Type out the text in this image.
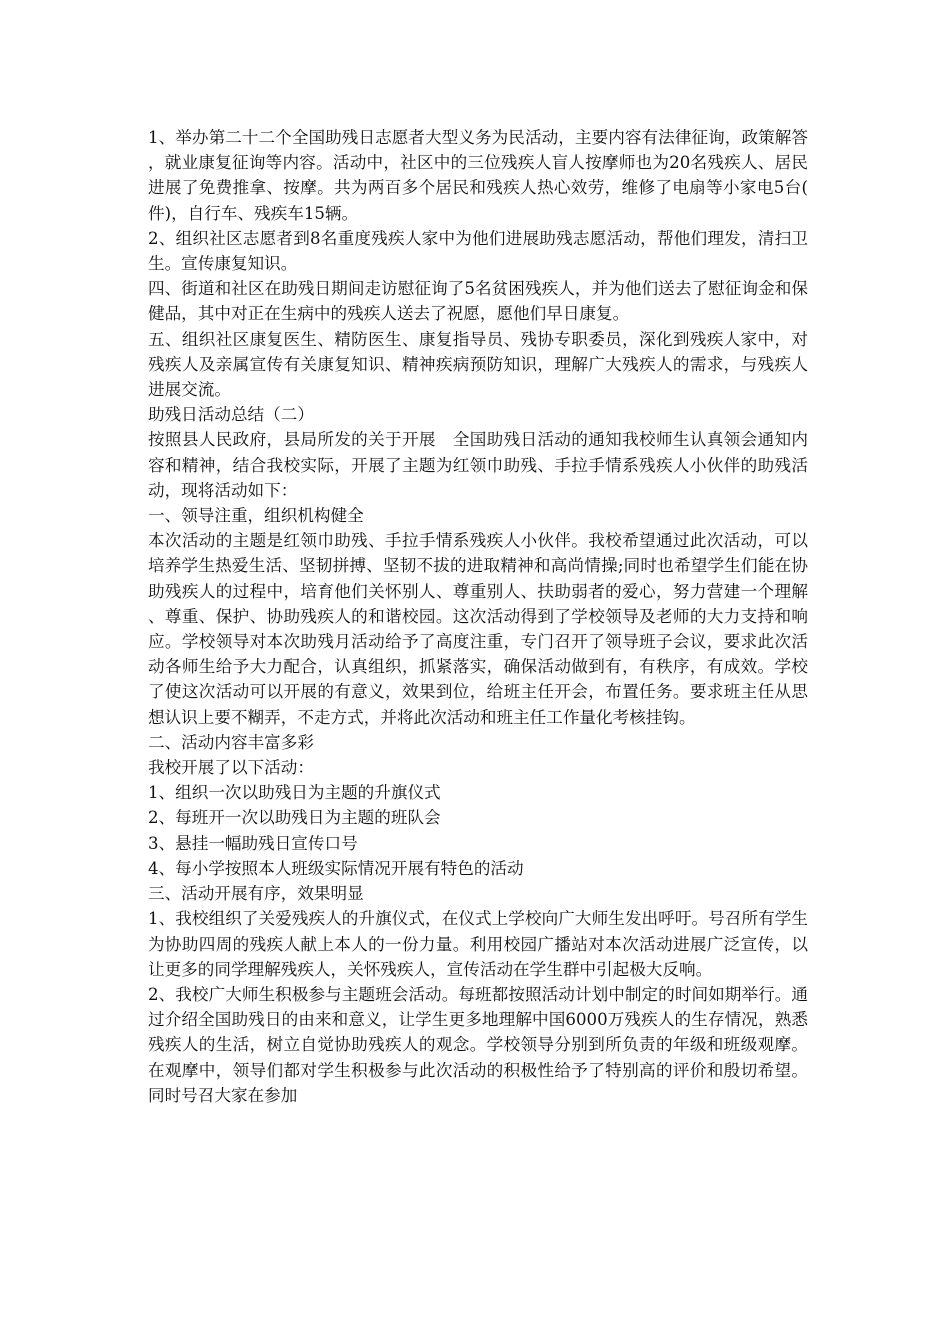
1、举办第二十二个全国助残日志愿者大型义务为民活动，主要内容有法律征询，政策解答，就业康复征询等内容。活动中，社区中的三位残疾人盲人按摩师也为20名残疾人、居民进展了免费推拿、按摩。共为两百多个居民和残疾人热心效劳，维修了电扇等小家电5台(件)，自行车、残疾车15辆。

2、组织社区志愿者到8名重度残疾人家中为他们进展助残志愿活动，帮他们理发，清扫卫生。宣传康复知识。

四、街道和社区在助残日期间走访慰征询了5名贫困残疾人，并为他们送去了慰征询金和保健品，其中对正在生病中的残疾人送去了祝愿，愿他们早日康复。

五、组织社区康复医生、精防医生、康复指导员、残协专职委员，深化到残疾人家中，对残疾人及亲属宣传有关康复知识、精神疾病预防知识，理解广大残疾人的需求，与残疾人进展交流。

助残日活动总结（二）

按照县人民政府，县局所发的关于开展　全国助残日活动的通知我校师生认真领会通知内容和精神，结合我校实际，开展了主题为红领巾助残、手拉手情系残疾人小伙伴的助残活动，现将活动如下：

一、领导注重，组织机构健全

本次活动的主题是红领巾助残、手拉手情系残疾人小伙伴。我校希望通过此次活动，可以培养学生热爱生活、坚韧拼搏、坚韧不拔的进取精神和高尚情操;同时也希望学生们能在协助残疾人的过程中，培育他们关怀别人、尊重别人、扶助弱者的爱心，努力营建一个理解、尊重、保护、协助残疾人的和谐校园。这次活动得到了学校领导及老师的大力支持和响应。学校领导对本次助残月活动给予了高度注重，专门召开了领导班子会议，要求此次活动各师生给予大力配合，认真组织，抓紧落实，确保活动做到有，有秩序，有成效。学校了使这次活动可以开展的有意义，效果到位，给班主任开会，布置任务。要求班主任从思想认识上要不糊弄，不走方式，并将此次活动和班主任工作量化考核挂钩。

二、活动内容丰富多彩

我校开展了以下活动：

1、组织一次以助残日为主题的升旗仪式

2、每班开一次以助残日为主题的班队会

3、悬挂一幅助残日宣传口号

4、每小学按照本人班级实际情况开展有特色的活动

三、活动开展有序，效果明显

1、我校组织了关爱残疾人的升旗仪式，在仪式上学校向广大师生发出呼吁。号召所有学生为协助四周的残疾人献上本人的一份力量。利用校园广播站对本次活动进展广泛宣传，以让更多的同学理解残疾人，关怀残疾人，宣传活动在学生群中引起极大反响。

2、我校广大师生积极参与主题班会活动。每班都按照活动计划中制定的时间如期举行。通过介绍全国助残日的由来和意义，让学生更多地理解中国6000万残疾人的生存情况，熟悉残疾人的生活，树立自觉协助残疾人的观念。学校领导分别到所负责的年级和班级观摩。在观摩中，领导们都对学生积极参与此次活动的积极性给予了特别高的评价和殷切希望。同时号召大家在参加
